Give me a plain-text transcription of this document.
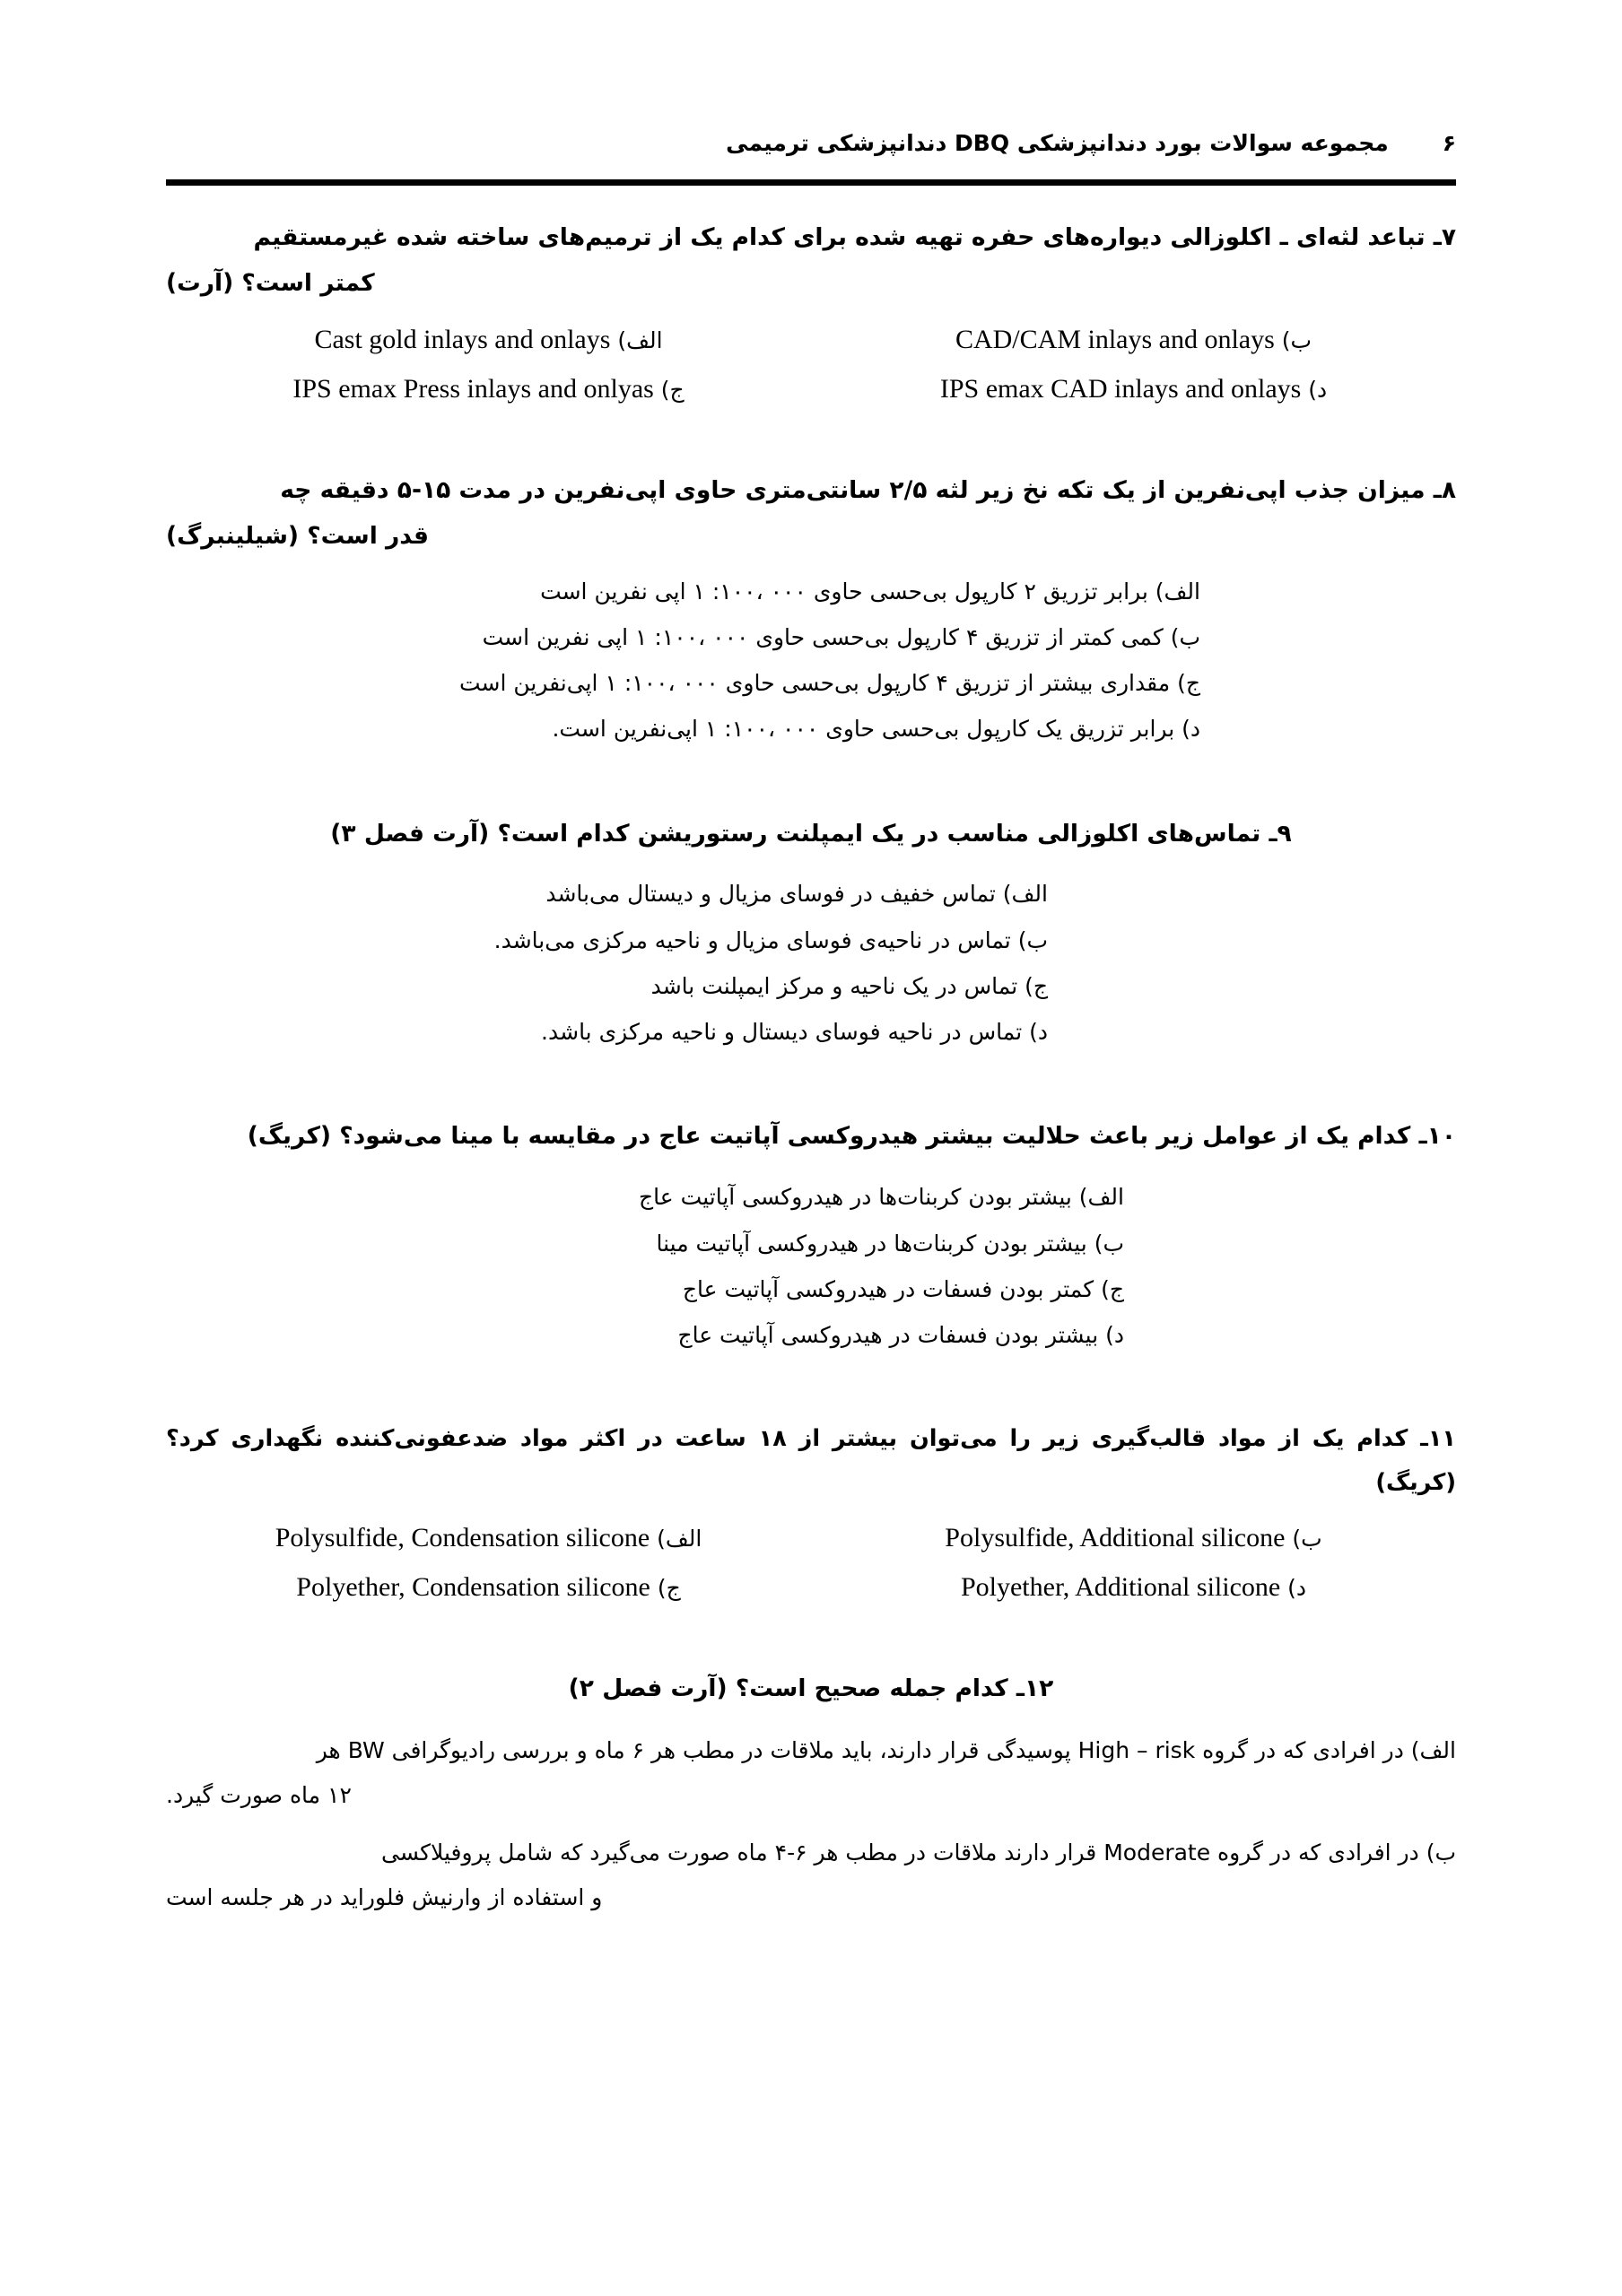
۶
مجموعه سوالات بورد دندانپزشکی DBQ دندانپزشکی ترمیمی
۷ـ تباعد لثه‌ای ـ اکلوزالی دیواره‌های حفره تهیه شده برای کدام یک از ترمیم‌های ساخته شده غیرمستقیم
کمتر است؟ (آرت)
ب) CAD/CAM inlays and onlays
الف) Cast gold inlays and onlays
د) IPS emax CAD inlays and onlays
ج) IPS emax Press inlays and onlyas
۸ـ میزان جذب اپی‌نفرین از یک تکه نخ زیر لثه ۲/۵ سانتی‌متری حاوی اپی‌نفرین در مدت ۱۵-۵ دقیقه چه
قدر است؟ (شیلینبرگ)
الف) برابر تزریق ۲ کارپول بی‌حسی حاوی ۰۰۰ ،۱۰۰: ۱ اپی نفرین است
ب) کمی کمتر از تزریق ۴ کارپول بی‌حسی حاوی ۰۰۰ ،۱۰۰: ۱ اپی نفرین است
ج) مقداری بیشتر از تزریق ۴ کارپول بی‌حسی حاوی ۰۰۰ ،۱۰۰: ۱ اپی‌نفرین است
د) برابر تزریق یک کارپول بی‌حسی حاوی ۰۰۰ ،۱۰۰: ۱ اپی‌نفرین است.
۹ـ تماس‌های اکلوزالی مناسب در یک ایمپلنت رستوریشن کدام است؟ (آرت فصل ۳)
الف) تماس خفیف در فوسای مزیال و دیستال می‌باشد
ب) تماس در ناحیه‌ی فوسای مزیال و ناحیه مرکزی می‌باشد.
ج) تماس در یک ناحیه و مرکز ایمپلنت باشد
د) تماس در ناحیه فوسای دیستال و ناحیه مرکزی باشد.
۱۰ـ کدام یک از عوامل زیر باعث حلالیت بیشتر هیدروکسی آپاتیت عاج در مقایسه با مینا می‌شود؟ (کریگ)
الف) بیشتر بودن کربنات‌ها در هیدروکسی آپاتیت عاج
ب) بیشتر بودن کربنات‌ها در هیدروکسی آپاتیت مینا
ج) کمتر بودن فسفات در هیدروکسی آپاتیت عاج
د) بیشتر بودن فسفات در هیدروکسی آپاتیت عاج
۱۱ـ کدام یک از مواد قالب‌گیری زیر را می‌توان بیشتر از ۱۸ ساعت در اکثر مواد ضدعفونی‌کننده نگهداری کرد؟ (کریگ)
ب) Polysulfide, Additional silicone
الف) Polysulfide, Condensation silicone
د) Polyether, Additional silicone
ج) Polyether, Condensation silicone
۱۲ـ کدام جمله صحیح است؟ (آرت فصل ۲)
الف) در افرادی که در گروه High – risk پوسیدگی قرار دارند، باید ملاقات در مطب هر ۶ ماه و بررسی رادیوگرافی BW هر
۱۲ ماه صورت گیرد.
ب) در افرادی که در گروه Moderate قرار دارند ملاقات در مطب هر ۶-۴ ماه صورت می‌گیرد که شامل پروفیلاکسی
و استفاده از وارنیش فلوراید در هر جلسه است
